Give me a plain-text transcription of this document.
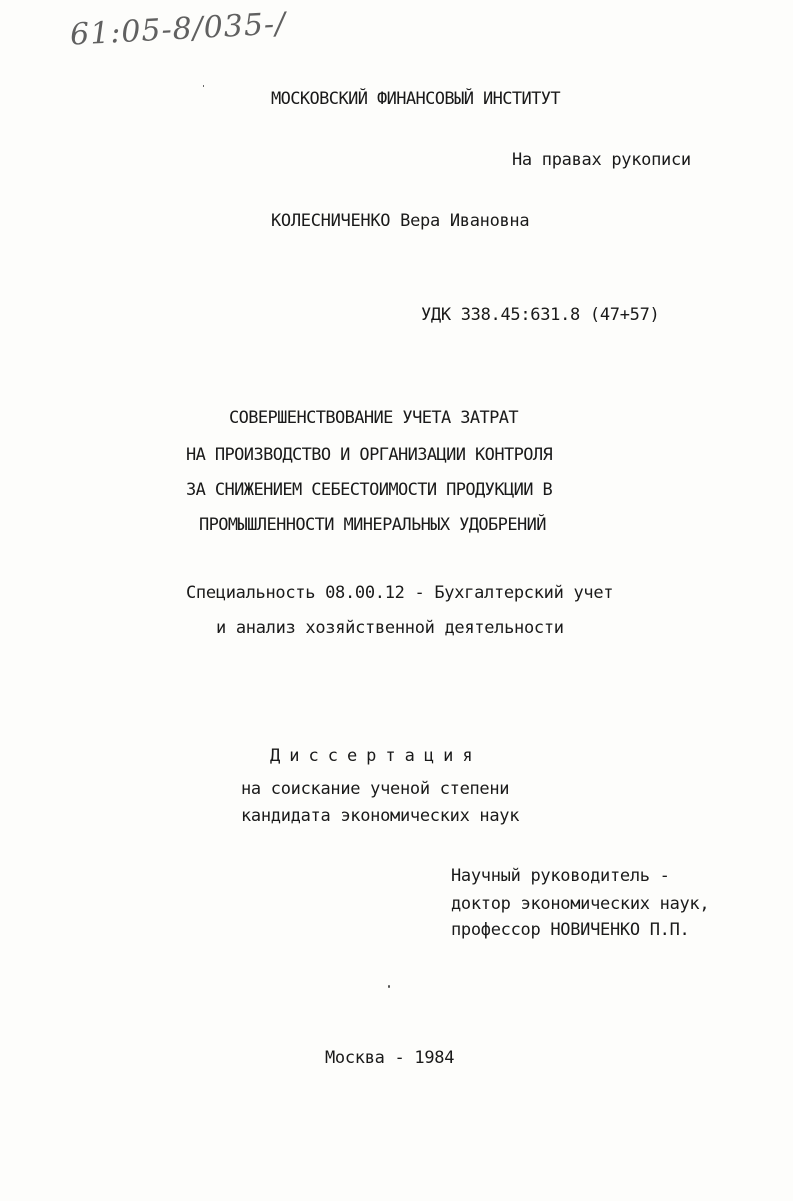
61:05-8/035-/
МОСКОВСКИЙ ФИНАНСОВЫЙ ИНСТИТУТ
На правах рукописи
КОЛЕСНИЧЕНКО Вера Ивановна
УДК 338.45:631.8 (47+57)
СОВЕРШЕНСТВОВАНИЕ УЧЕТА ЗАТРАТ
НА ПРОИЗВОДСТВО И ОРГАНИЗАЦИИ КОНТРОЛЯ
ЗА СНИЖЕНИЕМ СЕБЕСТОИМОСТИ ПРОДУКЦИИ В
ПРОМЫШЛЕННОСТИ МИНЕРАЛЬНЫХ УДОБРЕНИЙ
Специальность 08.00.12 - Бухгалтерский учет
и анализ хозяйственной деятельности
Диссертация
на соискание ученой степени
кандидата экономических наук
Научный руководитель -
доктор экономических наук,
профессор НОВИЧЕНКО П.П.
Москва - 1984
